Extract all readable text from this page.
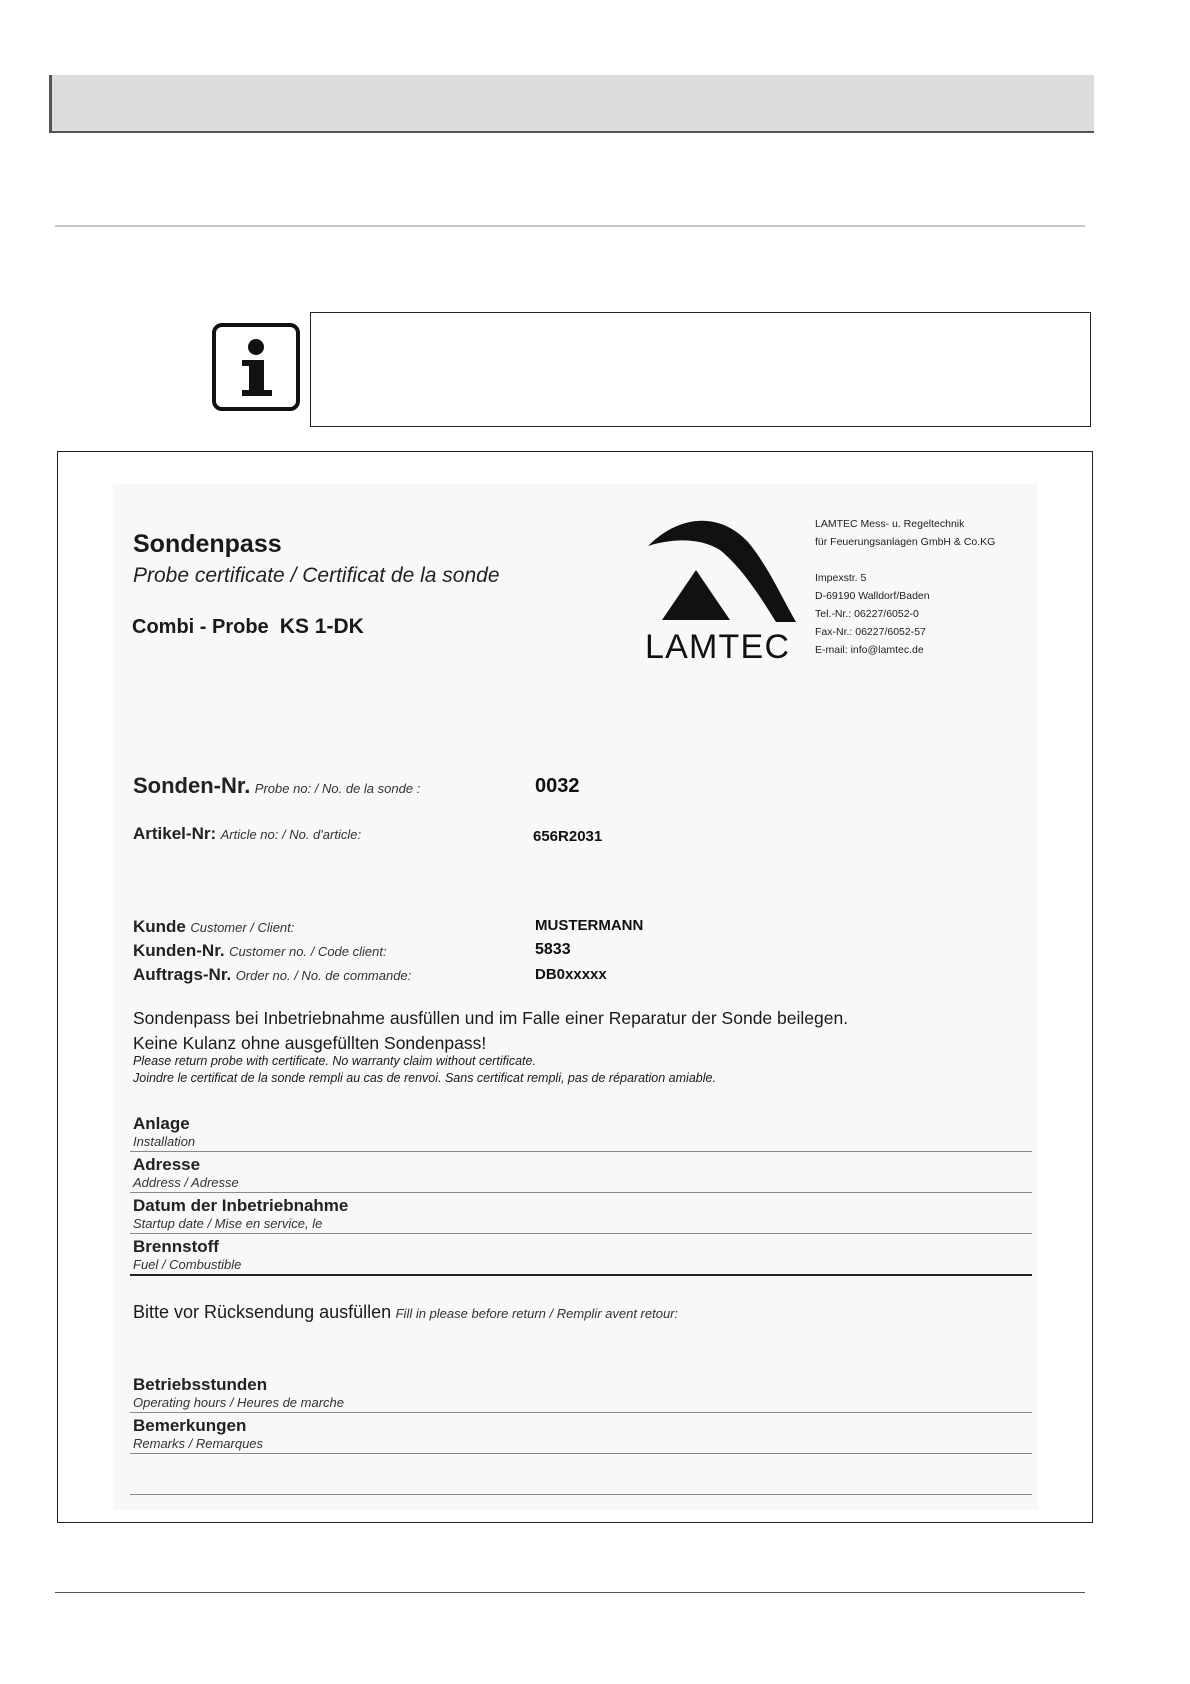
Sondenpass
Probe certificate / Certificat de la sonde
Combi - Probe KS 1-DK
LAMTEC
LAMTEC Mess- u. Regeltechnik
für Feuerungsanlagen GmbH & Co.KG
Impexstr. 5
D-69190 Walldorf/Baden
Tel.-Nr.: 06227/6052-0
Fax-Nr.: 06227/6052-57
E-mail: info@lamtec.de
Sonden-Nr. Probe no: / No. de la sonde :	0032
Artikel-Nr: Article no: / No. d'article:	656R2031
Kunde Customer / Client:	MUSTERMANN
Kunden-Nr. Customer no. / Code client:	5833
Auftrags-Nr. Order no. / No. de commande:	DB0xxxxx
Sondenpass bei Inbetriebnahme ausfüllen und im Falle einer Reparatur der Sonde beilegen.
Keine Kulanz ohne ausgefüllten Sondenpass!
Please return probe with certificate. No warranty claim without certificate.
Joindre le certificat de la sonde rempli au cas de renvoi. Sans certificat rempli, pas de réparation amiable.
Anlage
Installation
Adresse
Address / Adresse
Datum der Inbetriebnahme
Startup date / Mise en service, le
Brennstoff
Fuel / Combustible
Bitte vor Rücksendung ausfüllen Fill in please before return / Remplir avent retour:
Betriebsstunden
Operating hours / Heures de marche
Bemerkungen
Remarks / Remarques
